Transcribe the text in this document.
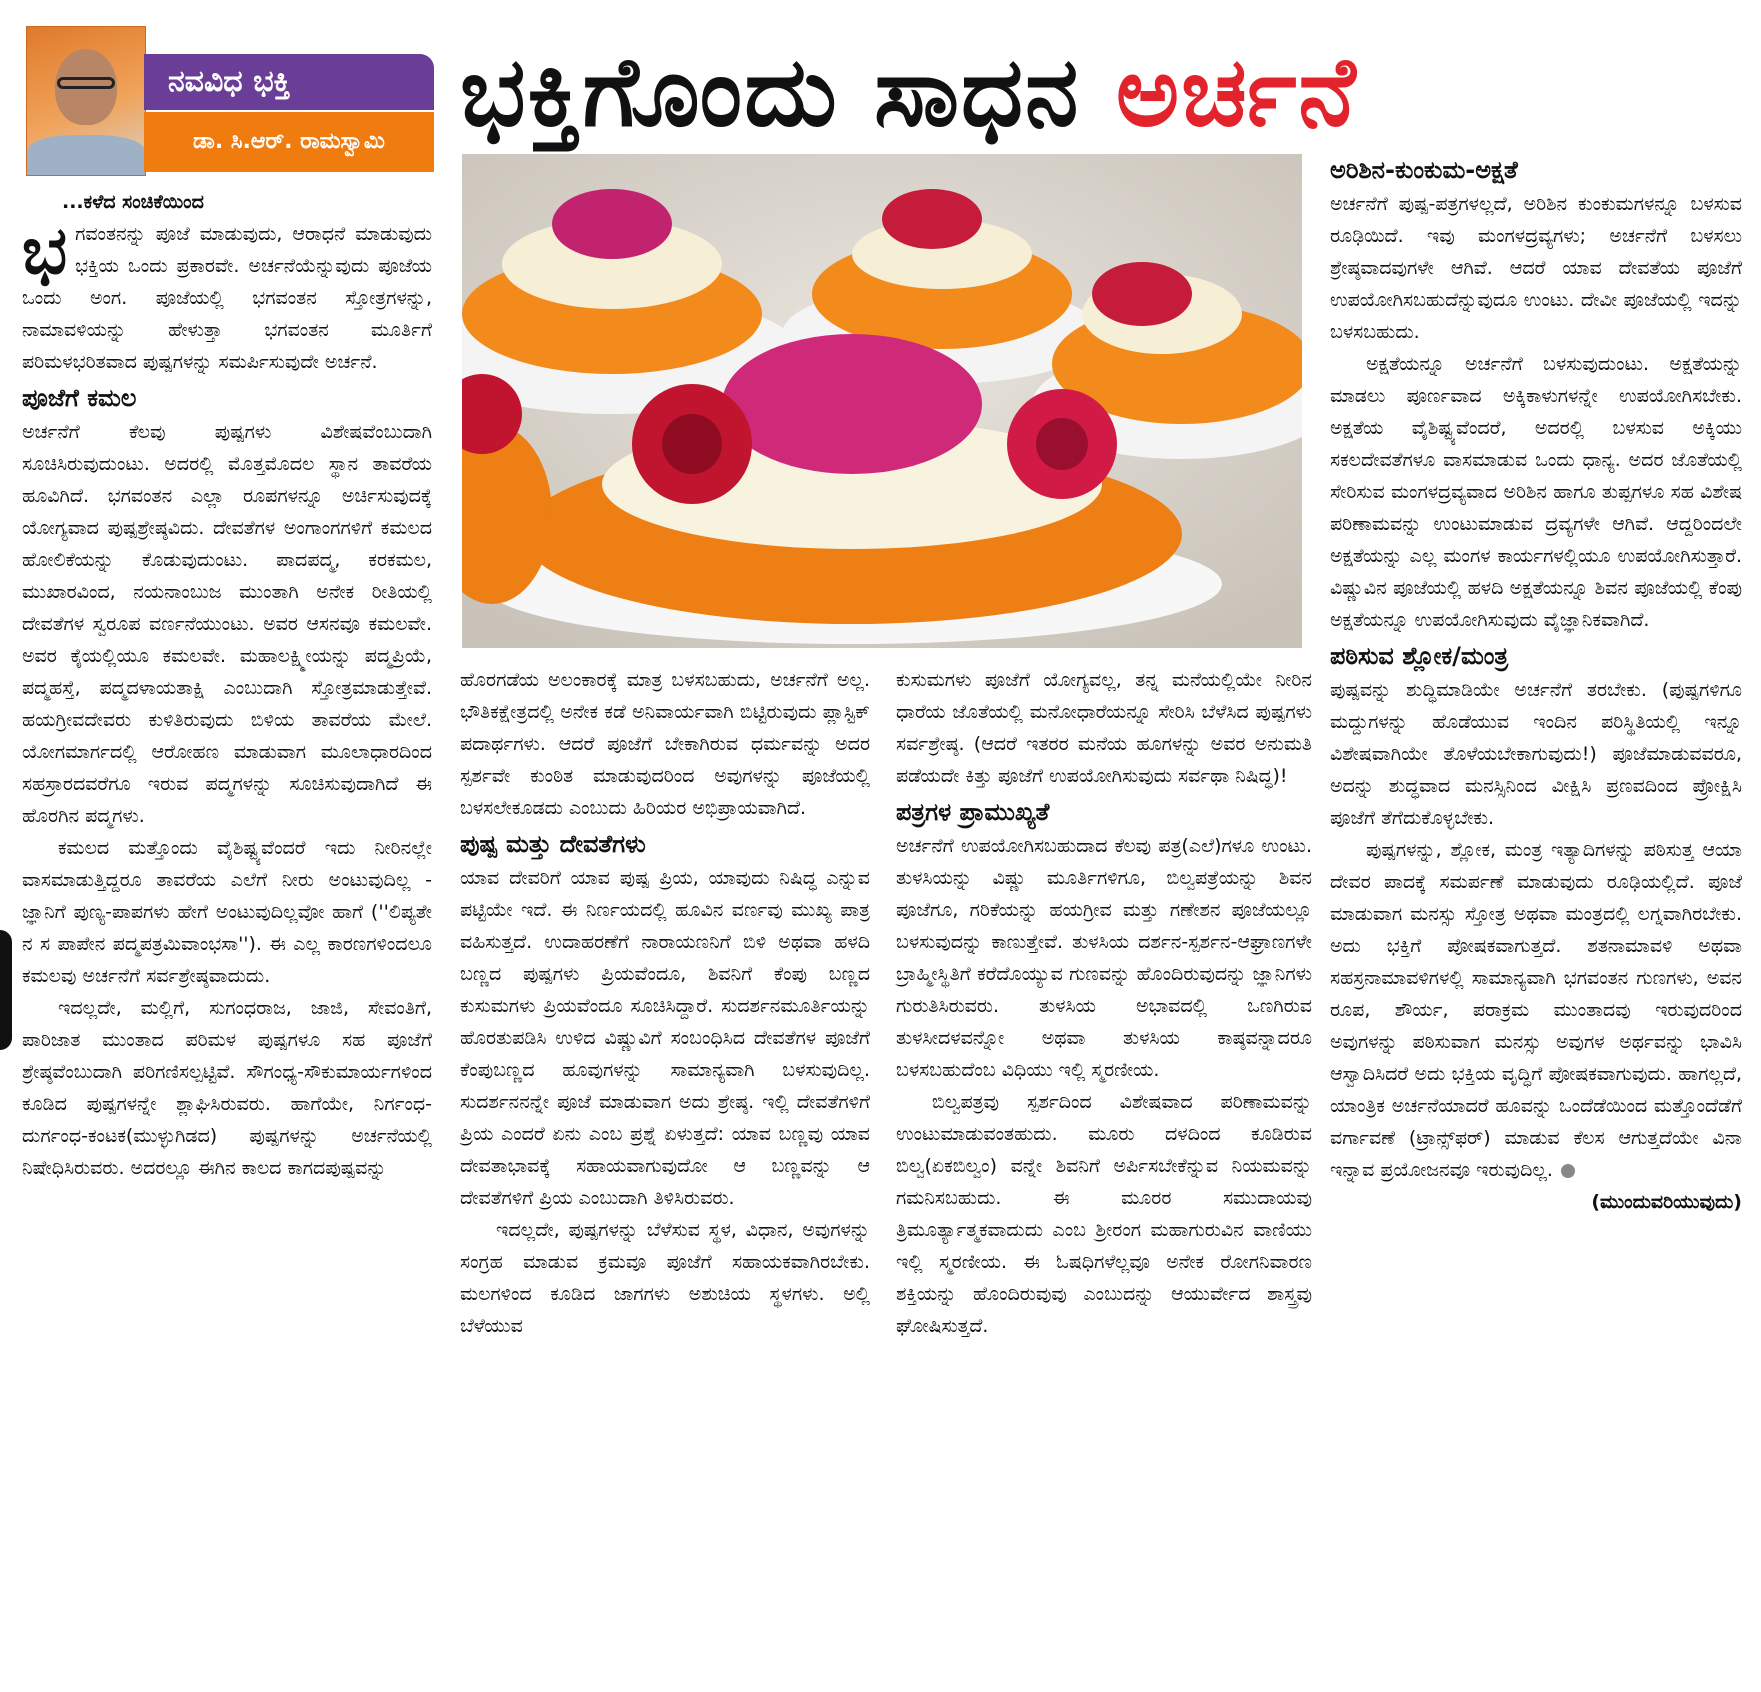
ನವವಿಧ ಭಕ್ತಿ
ಡಾ. ಸಿ.ಆರ್. ರಾಮಸ್ವಾಮಿ ಭಕ್ತಿಗೊಂದು ಸಾಧನ ಅರ್ಚನೆ

...ಕಳೆದ ಸಂಚಿಕೆಯಿಂದ

ಭಗವಂತನನ್ನು ಪೂಜೆ ಮಾಡುವುದು, ಆರಾಧನೆ ಮಾಡುವುದು ಭಕ್ತಿಯ ಒಂದು ಪ್ರಕಾರವೇ. ಅರ್ಚನೆಯೆನ್ನುವುದು ಪೂಜೆಯ ಒಂದು ಅಂಗ. ಪೂಜೆಯಲ್ಲಿ ಭಗವಂತನ ಸ್ತೋತ್ರಗಳನ್ನು, ನಾಮಾವಳಿಯನ್ನು ಹೇಳುತ್ತಾ ಭಗವಂತನ ಮೂರ್ತಿಗೆ ಪರಿಮಳಭರಿತವಾದ ಪುಷ್ಪಗಳನ್ನು ಸಮರ್ಪಿಸುವುದೇ ಅರ್ಚನೆ.

ಪೂಜೆಗೆ ಕಮಲ

ಅರ್ಚನೆಗೆ ಕೆಲವು ಪುಷ್ಪಗಳು ವಿಶೇಷವೆಂಬುದಾಗಿ ಸೂಚಿಸಿರುವುದುಂಟು. ಅದರಲ್ಲಿ ಮೊತ್ತಮೊದಲ ಸ್ಥಾನ ತಾವರೆಯ ಹೂವಿಗಿದೆ. ಭಗವಂತನ ಎಲ್ಲಾ ರೂಪಗಳನ್ನೂ ಅರ್ಚಿಸುವುದಕ್ಕೆ ಯೋಗ್ಯವಾದ ಪುಷ್ಪಶ್ರೇಷ್ಠವಿದು. ದೇವತೆಗಳ ಅಂಗಾಂಗಗಳಿಗೆ ಕಮಲದ ಹೋಲಿಕೆಯನ್ನು ಕೊಡುವುದುಂಟು. ಪಾದಪದ್ಮ, ಕರಕಮಲ, ಮುಖಾರವಿಂದ, ನಯನಾಂಬುಜ ಮುಂತಾಗಿ ಅನೇಕ ರೀತಿಯಲ್ಲಿ ದೇವತೆಗಳ ಸ್ವರೂಪ ವರ್ಣನೆಯುಂಟು. ಅವರ ಆಸನವೂ ಕಮಲವೇ. ಅವರ ಕೈಯಲ್ಲಿಯೂ ಕಮಲವೇ. ಮಹಾಲಕ್ಷ್ಮೀಯನ್ನು ಪದ್ಮಪ್ರಿಯೆ, ಪದ್ಮಹಸ್ತೆ, ಪದ್ಮದಳಾಯತಾಕ್ಷಿ ಎಂಬುದಾಗಿ ಸ್ತೋತ್ರಮಾಡುತ್ತೇವೆ. ಹಯಗ್ರೀವದೇವರು ಕುಳಿತಿರುವುದು ಬಿಳಿಯ ತಾವರೆಯ ಮೇಲೆ. ಯೋಗಮಾರ್ಗದಲ್ಲಿ ಆರೋಹಣ ಮಾಡುವಾಗ ಮೂಲಾಧಾರದಿಂದ ಸಹಸ್ರಾರದವರೆಗೂ ಇರುವ ಪದ್ಮಗಳನ್ನು ಸೂಚಿಸುವುದಾಗಿದೆ ಈ ಹೊರಗಿನ ಪದ್ಮಗಳು.

ಕಮಲದ ಮತ್ತೊಂದು ವೈಶಿಷ್ಟ್ಯವೆಂದರೆ ಇದು ನೀರಿನಲ್ಲೇ ವಾಸಮಾಡುತ್ತಿದ್ದರೂ ತಾವರೆಯ ಎಲೆಗೆ ನೀರು ಅಂಟುವುದಿಲ್ಲ - ಜ್ಞಾನಿಗೆ ಪುಣ್ಯ-ಪಾಪಗಳು ಹೇಗೆ ಅಂಟುವುದಿಲ್ಲವೋ ಹಾಗೆ (''ಲಿಪ್ಯತೇ ನ ಸ ಪಾಪೇನ ಪದ್ಮಪತ್ರಮಿವಾಂಭಸಾ''). ಈ ಎಲ್ಲ ಕಾರಣಗಳಿಂದಲೂ ಕಮಲವು ಅರ್ಚನೆಗೆ ಸರ್ವಶ್ರೇಷ್ಠವಾದುದು.

ಇದಲ್ಲದೇ, ಮಲ್ಲಿಗೆ, ಸುಗಂಧರಾಜ, ಜಾಜಿ, ಸೇವಂತಿಗೆ, ಪಾರಿಜಾತ ಮುಂತಾದ ಪರಿಮಳ ಪುಷ್ಪಗಳೂ ಸಹ ಪೂಜೆಗೆ ಶ್ರೇಷ್ಠವೆಂಬುದಾಗಿ ಪರಿಗಣಿಸಲ್ಪಟ್ಟಿವೆ. ಸೌಗಂಧ್ಯ-ಸೌಕುಮಾರ್ಯಗಳಿಂದ ಕೂಡಿದ ಪುಷ್ಪಗಳನ್ನೇ ಶ್ಲಾಘಿಸಿರುವರು. ಹಾಗೆಯೇ, ನಿರ್ಗಂಧ-ದುರ್ಗಂಧ-ಕಂಟಕ(ಮುಳ್ಳುಗಿಡದ) ಪುಷ್ಪಗಳನ್ನು ಅರ್ಚನೆಯಲ್ಲಿ ನಿಷೇಧಿಸಿರುವರು. ಅದರಲ್ಲೂ ಈಗಿನ ಕಾಲದ ಕಾಗದಪುಷ್ಪವನ್ನು

ಹೊರಗಡೆಯ ಅಲಂಕಾರಕ್ಕೆ ಮಾತ್ರ ಬಳಸಬಹುದು, ಅರ್ಚನೆಗೆ ಅಲ್ಲ. ಭೌತಿಕಕ್ಷೇತ್ರದಲ್ಲಿ ಅನೇಕ ಕಡೆ ಅನಿವಾರ್ಯವಾಗಿ ಬಿಟ್ಟಿರುವುದು ಪ್ಲಾಸ್ಟಿಕ್ ಪದಾರ್ಥಗಳು. ಆದರೆ ಪೂಜೆಗೆ ಬೇಕಾಗಿರುವ ಧರ್ಮವನ್ನು ಅದರ ಸ್ಪರ್ಶವೇ ಕುಂಠಿತ ಮಾಡುವುದರಿಂದ ಅವುಗಳನ್ನು ಪೂಜೆಯಲ್ಲಿ ಬಳಸಲೇಕೂಡದು ಎಂಬುದು ಹಿರಿಯರ ಅಭಿಪ್ರಾಯವಾಗಿದೆ.

ಪುಷ್ಪ ಮತ್ತು ದೇವತೆಗಳು

ಯಾವ ದೇವರಿಗೆ ಯಾವ ಪುಷ್ಪ ಪ್ರಿಯ, ಯಾವುದು ನಿಷಿದ್ಧ ಎನ್ನುವ ಪಟ್ಟಿಯೇ ಇದೆ. ಈ ನಿರ್ಣಯದಲ್ಲಿ ಹೂವಿನ ವರ್ಣವು ಮುಖ್ಯ ಪಾತ್ರ ವಹಿಸುತ್ತದೆ. ಉದಾಹರಣೆಗೆ ನಾರಾಯಣನಿಗೆ ಬಿಳಿ ಅಥವಾ ಹಳದಿ ಬಣ್ಣದ ಪುಷ್ಪಗಳು ಪ್ರಿಯವೆಂದೂ, ಶಿವನಿಗೆ ಕೆಂಪು ಬಣ್ಣದ ಕುಸುಮಗಳು ಪ್ರಿಯವೆಂದೂ ಸೂಚಿಸಿದ್ದಾರೆ. ಸುದರ್ಶನಮೂರ್ತಿಯನ್ನು ಹೊರತುಪಡಿಸಿ ಉಳಿದ ವಿಷ್ಣುವಿಗೆ ಸಂಬಂಧಿಸಿದ ದೇವತೆಗಳ ಪೂಜೆಗೆ ಕೆಂಪುಬಣ್ಣದ ಹೂವುಗಳನ್ನು ಸಾಮಾನ್ಯವಾಗಿ ಬಳಸುವುದಿಲ್ಲ. ಸುದರ್ಶನನನ್ನೇ ಪೂಜೆ ಮಾಡುವಾಗ ಅದು ಶ್ರೇಷ್ಠ. ಇಲ್ಲಿ ದೇವತೆಗಳಿಗೆ ಪ್ರಿಯ ಎಂದರೆ ಏನು ಎಂಬ ಪ್ರಶ್ನೆ ಏಳುತ್ತದೆ: ಯಾವ ಬಣ್ಣವು ಯಾವ ದೇವತಾಭಾವಕ್ಕೆ ಸಹಾಯವಾಗುವುದೋ ಆ ಬಣ್ಣವನ್ನು ಆ ದೇವತೆಗಳಿಗೆ ಪ್ರಿಯ ಎಂಬುದಾಗಿ ತಿಳಿಸಿರುವರು.

ಇದಲ್ಲದೇ, ಪುಷ್ಪಗಳನ್ನು ಬೆಳೆಸುವ ಸ್ಥಳ, ವಿಧಾನ, ಅವುಗಳನ್ನು ಸಂಗ್ರಹ ಮಾಡುವ ಕ್ರಮವೂ ಪೂಜೆಗೆ ಸಹಾಯಕವಾಗಿರಬೇಕು. ಮಲಗಳಿಂದ ಕೂಡಿದ ಜಾಗಗಳು ಅಶುಚಿಯ ಸ್ಥಳಗಳು. ಅಲ್ಲಿ ಬೆಳೆಯುವ

ಕುಸುಮಗಳು ಪೂಜೆಗೆ ಯೋಗ್ಯವಲ್ಲ, ತನ್ನ ಮನೆಯಲ್ಲಿಯೇ ನೀರಿನ ಧಾರೆಯ ಜೊತೆಯಲ್ಲಿ ಮನೋಧಾರೆಯನ್ನೂ ಸೇರಿಸಿ ಬೆಳೆಸಿದ ಪುಷ್ಪಗಳು ಸರ್ವಶ್ರೇಷ್ಠ. (ಆದರೆ ಇತರರ ಮನೆಯ ಹೂಗಳನ್ನು ಅವರ ಅನುಮತಿ ಪಡೆಯದೇ ಕಿತ್ತು ಪೂಜೆಗೆ ಉಪಯೋಗಿಸುವುದು ಸರ್ವಥಾ ನಿಷಿದ್ಧ)!

ಪತ್ರಗಳ ಪ್ರಾಮುಖ್ಯತೆ

ಅರ್ಚನೆಗೆ ಉಪಯೋಗಿಸಬಹುದಾದ ಕೆಲವು ಪತ್ರ(ಎಲೆ)ಗಳೂ ಉಂಟು. ತುಳಸಿಯನ್ನು ವಿಷ್ಣು ಮೂರ್ತಿಗಳಿಗೂ, ಬಿಲ್ವಪತ್ರೆಯನ್ನು ಶಿವನ ಪೂಜೆಗೂ, ಗರಿಕೆಯನ್ನು ಹಯಗ್ರೀವ ಮತ್ತು ಗಣೇಶನ ಪೂಜೆಯಲ್ಲೂ ಬಳಸುವುದನ್ನು ಕಾಣುತ್ತೇವೆ. ತುಳಸಿಯ ದರ್ಶನ-ಸ್ಪರ್ಶನ-ಆಘ್ರಾಣಗಳೇ ಬ್ರಾಹ್ಮೀಸ್ಥಿತಿಗೆ ಕರೆದೊಯ್ಯುವ ಗುಣವನ್ನು ಹೊಂದಿರುವುದನ್ನು ಜ್ಞಾನಿಗಳು ಗುರುತಿಸಿರುವರು. ತುಳಸಿಯ ಅಭಾವದಲ್ಲಿ ಒಣಗಿರುವ ತುಳಸೀದಳವನ್ನೋ ಅಥವಾ ತುಳಸಿಯ ಕಾಷ್ಠವನ್ನಾದರೂ ಬಳಸಬಹುದೆಂಬ ವಿಧಿಯು ಇಲ್ಲಿ ಸ್ಮರಣೀಯ.

ಬಿಲ್ವಪತ್ರವು ಸ್ಪರ್ಶದಿಂದ ವಿಶೇಷವಾದ ಪರಿಣಾಮವನ್ನು ಉಂಟುಮಾಡುವಂತಹುದು. ಮೂರು ದಳದಿಂದ ಕೂಡಿರುವ ಬಿಲ್ವ(ಏಕಬಿಲ್ವಂ) ವನ್ನೇ ಶಿವನಿಗೆ ಅರ್ಪಿಸಬೇಕೆನ್ನುವ ನಿಯಮವನ್ನು ಗಮನಿಸಬಹುದು. ಈ ಮೂರರ ಸಮುದಾಯವು ತ್ರಿಮೂರ್ತ್ಯಾತ್ಮಕವಾದುದು ಎಂಬ ಶ್ರೀರಂಗ ಮಹಾಗುರುವಿನ ವಾಣಿಯು ಇಲ್ಲಿ ಸ್ಮರಣೀಯ. ಈ ಓಷಧಿಗಳೆಲ್ಲವೂ ಅನೇಕ ರೋಗನಿವಾರಣ ಶಕ್ತಿಯನ್ನು ಹೊಂದಿರುವುವು ಎಂಬುದನ್ನು ಆಯುರ್ವೇದ ಶಾಸ್ತ್ರವು ಘೋಷಿಸುತ್ತದೆ.

ಅರಿಶಿನ-ಕುಂಕುಮ-ಅಕ್ಷತೆ

ಅರ್ಚನೆಗೆ ಪುಷ್ಪ-ಪತ್ರಗಳಲ್ಲದೆ, ಅರಿಶಿನ ಕುಂಕುಮಗಳನ್ನೂ ಬಳಸುವ ರೂಢಿಯಿದೆ. ಇವು ಮಂಗಳದ್ರವ್ಯಗಳು; ಅರ್ಚನೆಗೆ ಬಳಸಲು ಶ್ರೇಷ್ಠವಾದವುಗಳೇ ಆಗಿವೆ. ಆದರೆ ಯಾವ ದೇವತೆಯ ಪೂಜೆಗೆ ಉಪಯೋಗಿಸಬಹುದೆನ್ನುವುದೂ ಉಂಟು. ದೇವೀ ಪೂಜೆಯಲ್ಲಿ ಇದನ್ನು ಬಳಸಬಹುದು.

ಅಕ್ಷತೆಯನ್ನೂ ಅರ್ಚನೆಗೆ ಬಳಸುವುದುಂಟು. ಅಕ್ಷತೆಯನ್ನು ಮಾಡಲು ಪೂರ್ಣವಾದ ಅಕ್ಕಿಕಾಳುಗಳನ್ನೇ ಉಪಯೋಗಿಸಬೇಕು. ಅಕ್ಷತೆಯ ವೈಶಿಷ್ಟ್ಯವೆಂದರೆ, ಅದರಲ್ಲಿ ಬಳಸುವ ಅಕ್ಕಿಯು ಸಕಲದೇವತೆಗಳೂ ವಾಸಮಾಡುವ ಒಂದು ಧಾನ್ಯ. ಅದರ ಜೊತೆಯಲ್ಲಿ ಸೇರಿಸುವ ಮಂಗಳದ್ರವ್ಯವಾದ ಅರಿಶಿನ ಹಾಗೂ ತುಪ್ಪಗಳೂ ಸಹ ವಿಶೇಷ ಪರಿಣಾಮವನ್ನು ಉಂಟುಮಾಡುವ ದ್ರವ್ಯಗಳೇ ಆಗಿವೆ. ಆದ್ದರಿಂದಲೇ ಅಕ್ಷತೆಯನ್ನು ಎಲ್ಲ ಮಂಗಳ ಕಾರ್ಯಗಳಲ್ಲಿಯೂ ಉಪಯೋಗಿಸುತ್ತಾರೆ. ವಿಷ್ಣುವಿನ ಪೂಜೆಯಲ್ಲಿ ಹಳದಿ ಅಕ್ಷತೆಯನ್ನೂ ಶಿವನ ಪೂಜೆಯಲ್ಲಿ ಕೆಂಪು ಅಕ್ಷತೆಯನ್ನೂ ಉಪಯೋಗಿಸುವುದು ವೈಜ್ಞಾನಿಕವಾಗಿದೆ.

ಪಠಿಸುವ ಶ್ಲೋಕ/ಮಂತ್ರ

ಪುಷ್ಪವನ್ನು ಶುದ್ಧಿಮಾಡಿಯೇ ಅರ್ಚನೆಗೆ ತರಬೇಕು. (ಪುಷ್ಪಗಳಿಗೂ ಮದ್ದುಗಳನ್ನು ಹೊಡೆಯುವ ಇಂದಿನ ಪರಿಸ್ಥಿತಿಯಲ್ಲಿ ಇನ್ನೂ ವಿಶೇಷವಾಗಿಯೇ ತೊಳೆಯಬೇಕಾಗುವುದು!) ಪೂಜೆಮಾಡುವವರೂ, ಅದನ್ನು ಶುದ್ಧವಾದ ಮನಸ್ಸಿನಿಂದ ವೀಕ್ಷಿಸಿ ಪ್ರಣವದಿಂದ ಪ್ರೋಕ್ಷಿಸಿ ಪೂಜೆಗೆ ತೆಗೆದುಕೊಳ್ಳಬೇಕು.

ಪುಷ್ಪಗಳನ್ನು, ಶ್ಲೋಕ, ಮಂತ್ರ ಇತ್ಯಾದಿಗಳನ್ನು ಪಠಿಸುತ್ತ ಆಯಾ ದೇವರ ಪಾದಕ್ಕೆ ಸಮರ್ಪಣೆ ಮಾಡುವುದು ರೂಢಿಯಲ್ಲಿದೆ. ಪೂಜೆ ಮಾಡುವಾಗ ಮನಸ್ಸು ಸ್ತೋತ್ರ ಅಥವಾ ಮಂತ್ರದಲ್ಲಿ ಲಗ್ನವಾಗಿರಬೇಕು. ಅದು ಭಕ್ತಿಗೆ ಪೋಷಕವಾಗುತ್ತದೆ. ಶತನಾಮಾವಳಿ ಅಥವಾ ಸಹಸ್ರನಾಮಾವಳಿಗಳಲ್ಲಿ ಸಾಮಾನ್ಯವಾಗಿ ಭಗವಂತನ ಗುಣಗಳು, ಅವನ ರೂಪ, ಶೌರ್ಯ, ಪರಾಕ್ರಮ ಮುಂತಾದವು ಇರುವುದರಿಂದ ಅವುಗಳನ್ನು ಪಠಿಸುವಾಗ ಮನಸ್ಸು ಅವುಗಳ ಅರ್ಥವನ್ನು ಭಾವಿಸಿ ಆಸ್ವಾದಿಸಿದರೆ ಅದು ಭಕ್ತಿಯ ವೃದ್ಧಿಗೆ ಪೋಷಕವಾಗುವುದು. ಹಾಗಲ್ಲದೆ, ಯಾಂತ್ರಿಕ ಅರ್ಚನೆಯಾದರೆ ಹೂವನ್ನು ಒಂದೆಡೆಯಿಂದ ಮತ್ತೊಂದೆಡೆಗೆ ವರ್ಗಾವಣೆ (ಟ್ರಾನ್ಸ್‌ಫರ್) ಮಾಡುವ ಕೆಲಸ ಆಗುತ್ತದೆಯೇ ವಿನಾ ಇನ್ನಾವ ಪ್ರಯೋಜನವೂ ಇರುವುದಿಲ್ಲ.

(ಮುಂದುವರಿಯುವುದು)
